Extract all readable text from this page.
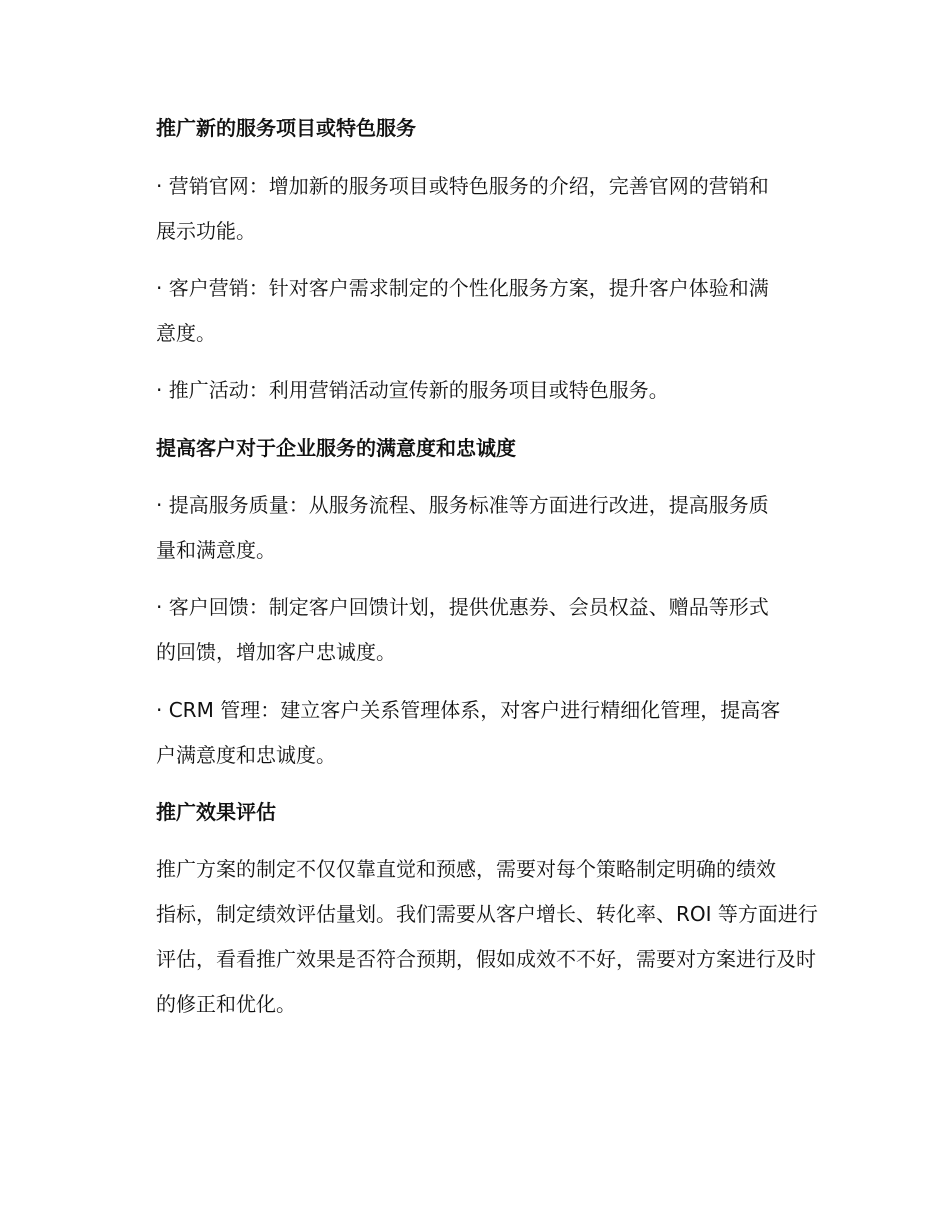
推广新的服务项目或特色服务

· 营销官网：增加新的服务项目或特色服务的介绍，完善官网的营销和
展示功能。

· 客户营销：针对客户需求制定的个性化服务方案，提升客户体验和满
意度。

· 推广活动：利用营销活动宣传新的服务项目或特色服务。

提高客户对于企业服务的满意度和忠诚度

· 提高服务质量：从服务流程、服务标准等方面进行改进，提高服务质
量和满意度。

· 客户回馈：制定客户回馈计划，提供优惠券、会员权益、赠品等形式
的回馈，增加客户忠诚度。

· CRM 管理：建立客户关系管理体系，对客户进行精细化管理，提高客
户满意度和忠诚度。

推广效果评估

推广方案的制定不仅仅靠直觉和预感，需要对每个策略制定明确的绩效
指标，制定绩效评估量划。我们需要从客户增长、转化率、ROI 等方面进行
评估，看看推广效果是否符合预期，假如成效不不好，需要对方案进行及时
的修正和优化。
